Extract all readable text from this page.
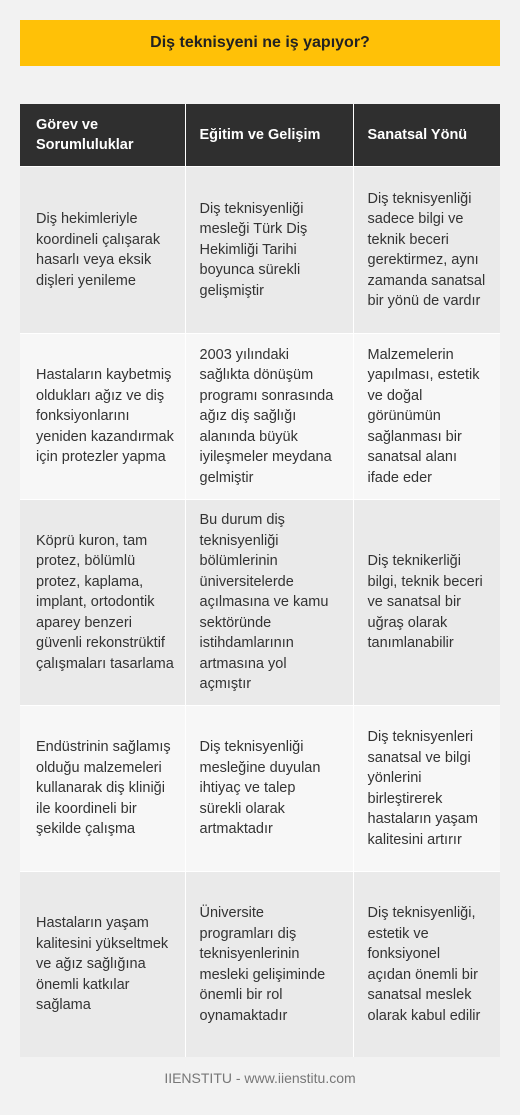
Diş teknisyeni ne iş yapıyor?
Görev ve Sorumluluklar	Eğitim ve Gelişim	Sanatsal Yönü
Diş hekimleriyle koordineli çalışarak hasarlı veya eksik dişleri yenileme	Diş teknisyenliği mesleği Türk Diş Hekimliği Tarihi boyunca sürekli gelişmiştir	Diş teknisyenliği sadece bilgi ve teknik beceri gerektirmez, aynı zamanda sanatsal bir yönü de vardır
Hastaların kaybetmiş oldukları ağız ve diş fonksiyonlarını yeniden kazandırmak için protezler yapma	2003 yılındaki sağlıkta dönüşüm programı sonrasında ağız diş sağlığı alanında büyük iyileşmeler meydana gelmiştir	Malzemelerin yapılması, estetik ve doğal görünümün sağlanması bir sanatsal alanı ifade eder
Köprü kuron, tam protez, bölümlü protez, kaplama, implant, ortodontik aparey benzeri güvenli rekonstrüktif çalışmaları tasarlama	Bu durum diş teknisyenliği bölümlerinin üniversitelerde açılmasına ve kamu sektöründe istihdamlarının artmasına yol açmıştır	Diş teknikerliği bilgi, teknik beceri ve sanatsal bir uğraş olarak tanımlanabilir
Endüstrinin sağlamış olduğu malzemeleri kullanarak diş kliniği ile koordineli bir şekilde çalışma	Diş teknisyenliği mesleğine duyulan ihtiyaç ve talep sürekli olarak artmaktadır	Diş teknisyenleri sanatsal ve bilgi yönlerini birleştirerek hastaların yaşam kalitesini artırır
Hastaların yaşam kalitesini yükseltmek ve ağız sağlığına önemli katkılar sağlama	Üniversite programları diş teknisyenlerinin mesleki gelişiminde önemli bir rol oynamaktadır	Diş teknisyenliği, estetik ve fonksiyonel açıdan önemli bir sanatsal meslek olarak kabul edilir
IIENSTITU - www.iienstitu.com
